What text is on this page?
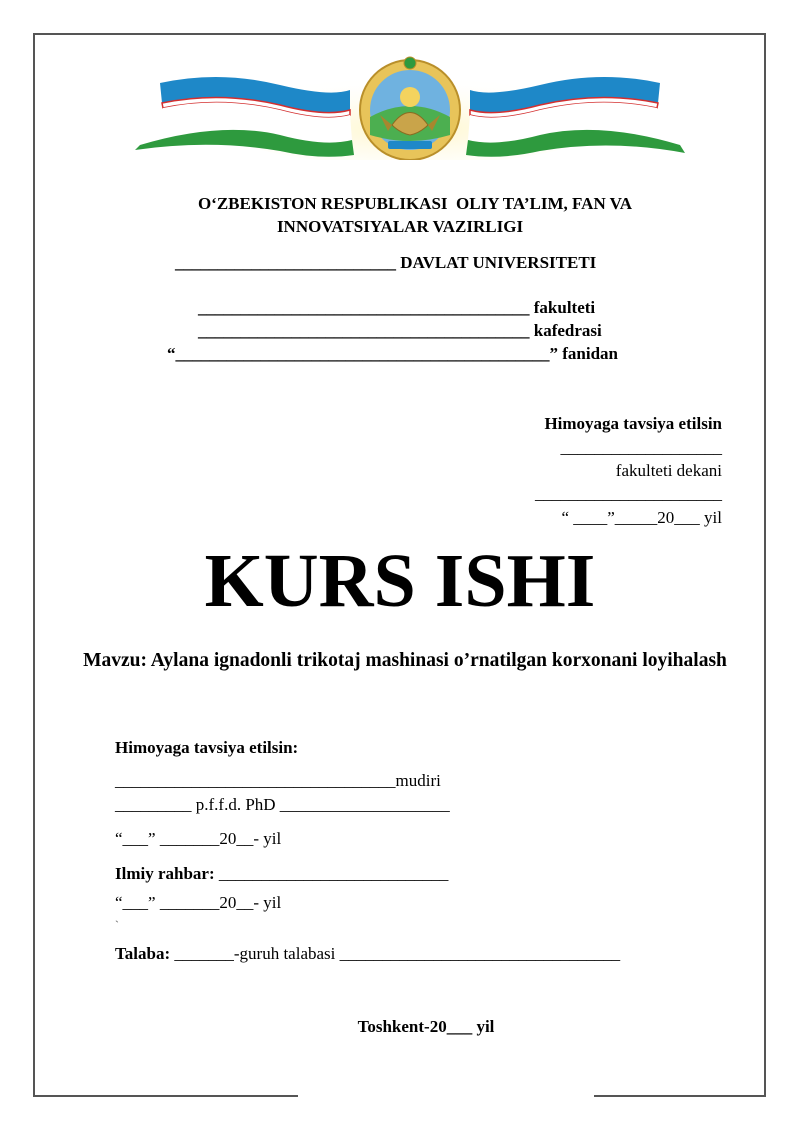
O‘ZBEKISTON RESPUBLIKASI  OLIY TA’LIM, FAN VA
INNOVATSIYALAR VAZIRLIGI
__________________________ DAVLAT UNIVERSITETI
_______________________________________ fakulteti
_______________________________________ kafedrasi
“____________________________________________” fanidan
Himoyaga tavsiya etilsin
___________________
fakulteti dekani
______________________
“ ____”_____20___ yil
KURS ISHI
Mavzu: Aylana ignadonli trikotaj mashinasi o’rnatilgan korxonani loyihalash
Himoyaga tavsiya etilsin:
_________________________________mudiri
_________ p.f.f.d. PhD ____________________
“___” _______20__- yil
Ilmiy rahbar: ___________________________
“___” _______20__- yil
`
Talaba: _______-guruh talabasi _________________________________
Toshkent-20___ yil
